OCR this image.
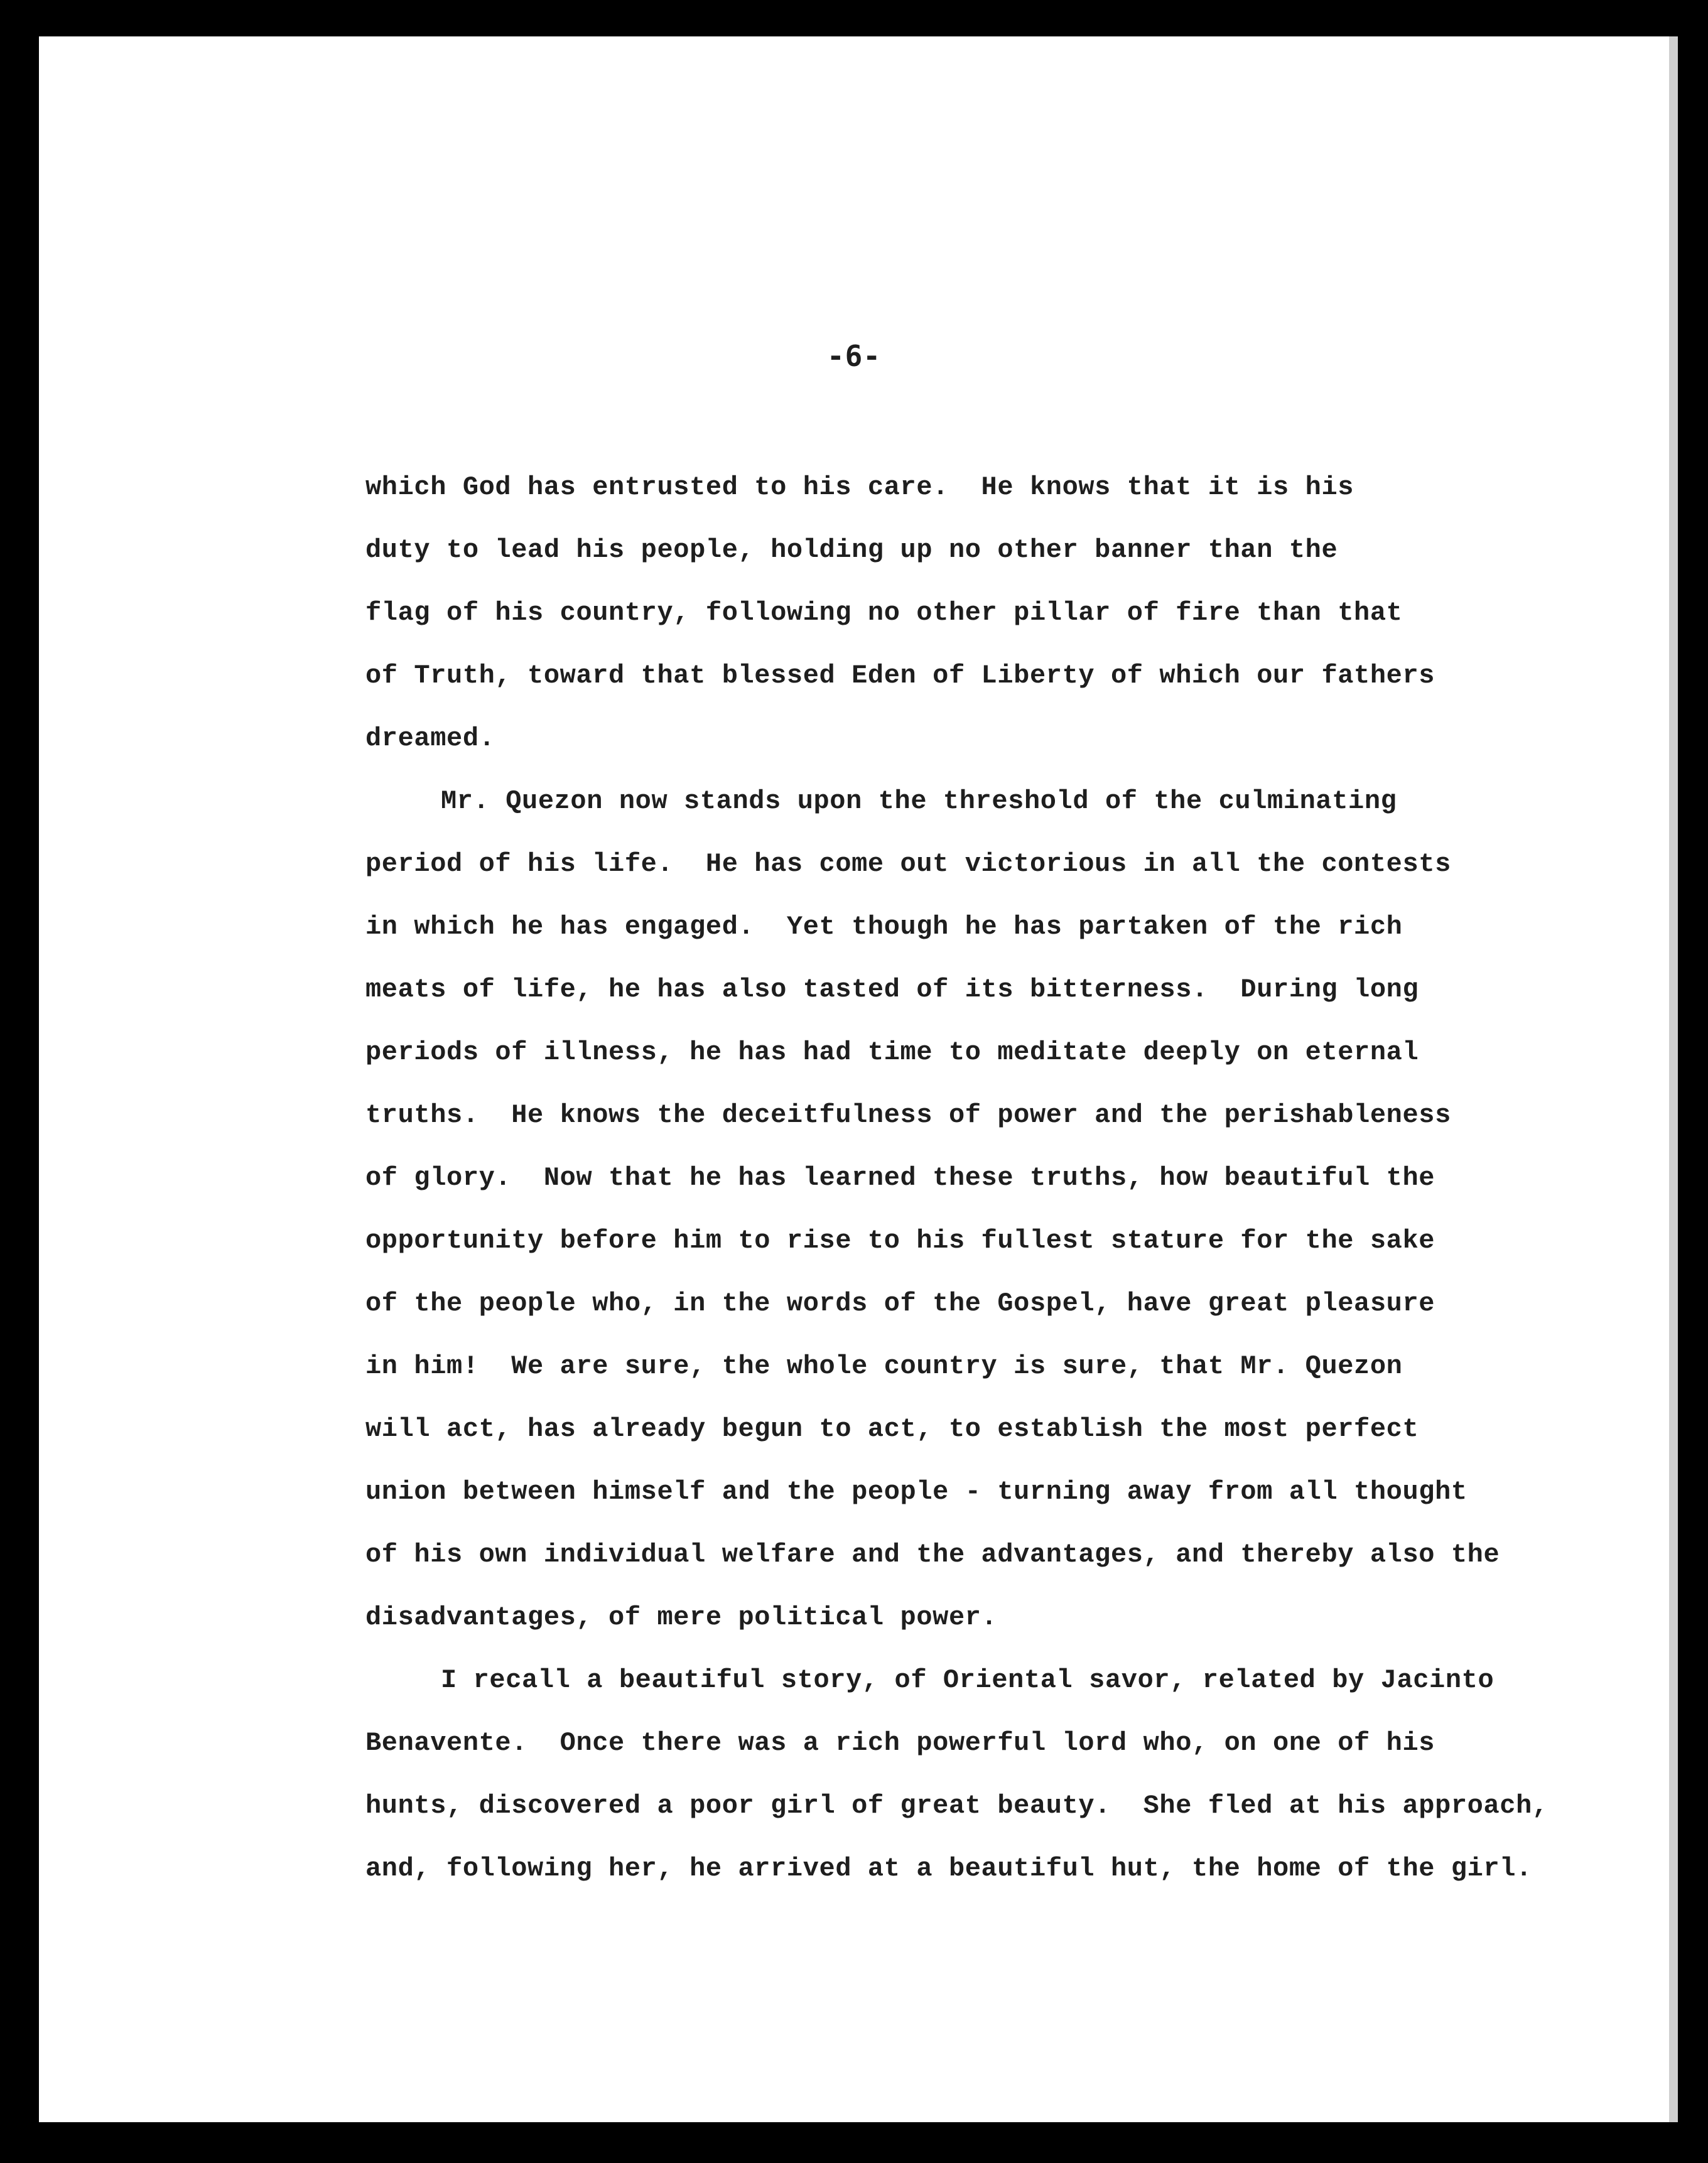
-6-
which God has entrusted to his care.  He knows that it is his
duty to lead his people, holding up no other banner than the
flag of his country, following no other pillar of fire than that
of Truth, toward that blessed Eden of Liberty of which our fathers
dreamed.
Mr. Quezon now stands upon the threshold of the culminating
period of his life.  He has come out victorious in all the contests
in which he has engaged.  Yet though he has partaken of the rich
meats of life, he has also tasted of its bitterness.  During long
periods of illness, he has had time to meditate deeply on eternal
truths.  He knows the deceitfulness of power and the perishableness
of glory.  Now that he has learned these truths, how beautiful the
opportunity before him to rise to his fullest stature for the sake
of the people who, in the words of the Gospel, have great pleasure
in him!  We are sure, the whole country is sure, that Mr. Quezon
will act, has already begun to act, to establish the most perfect
union between himself and the people - turning away from all thought
of his own individual welfare and the advantages, and thereby also the
disadvantages, of mere political power.
I recall a beautiful story, of Oriental savor, related by Jacinto
Benavente.  Once there was a rich powerful lord who, on one of his
hunts, discovered a poor girl of great beauty.  She fled at his approach,
and, following her, he arrived at a beautiful hut, the home of the girl.
